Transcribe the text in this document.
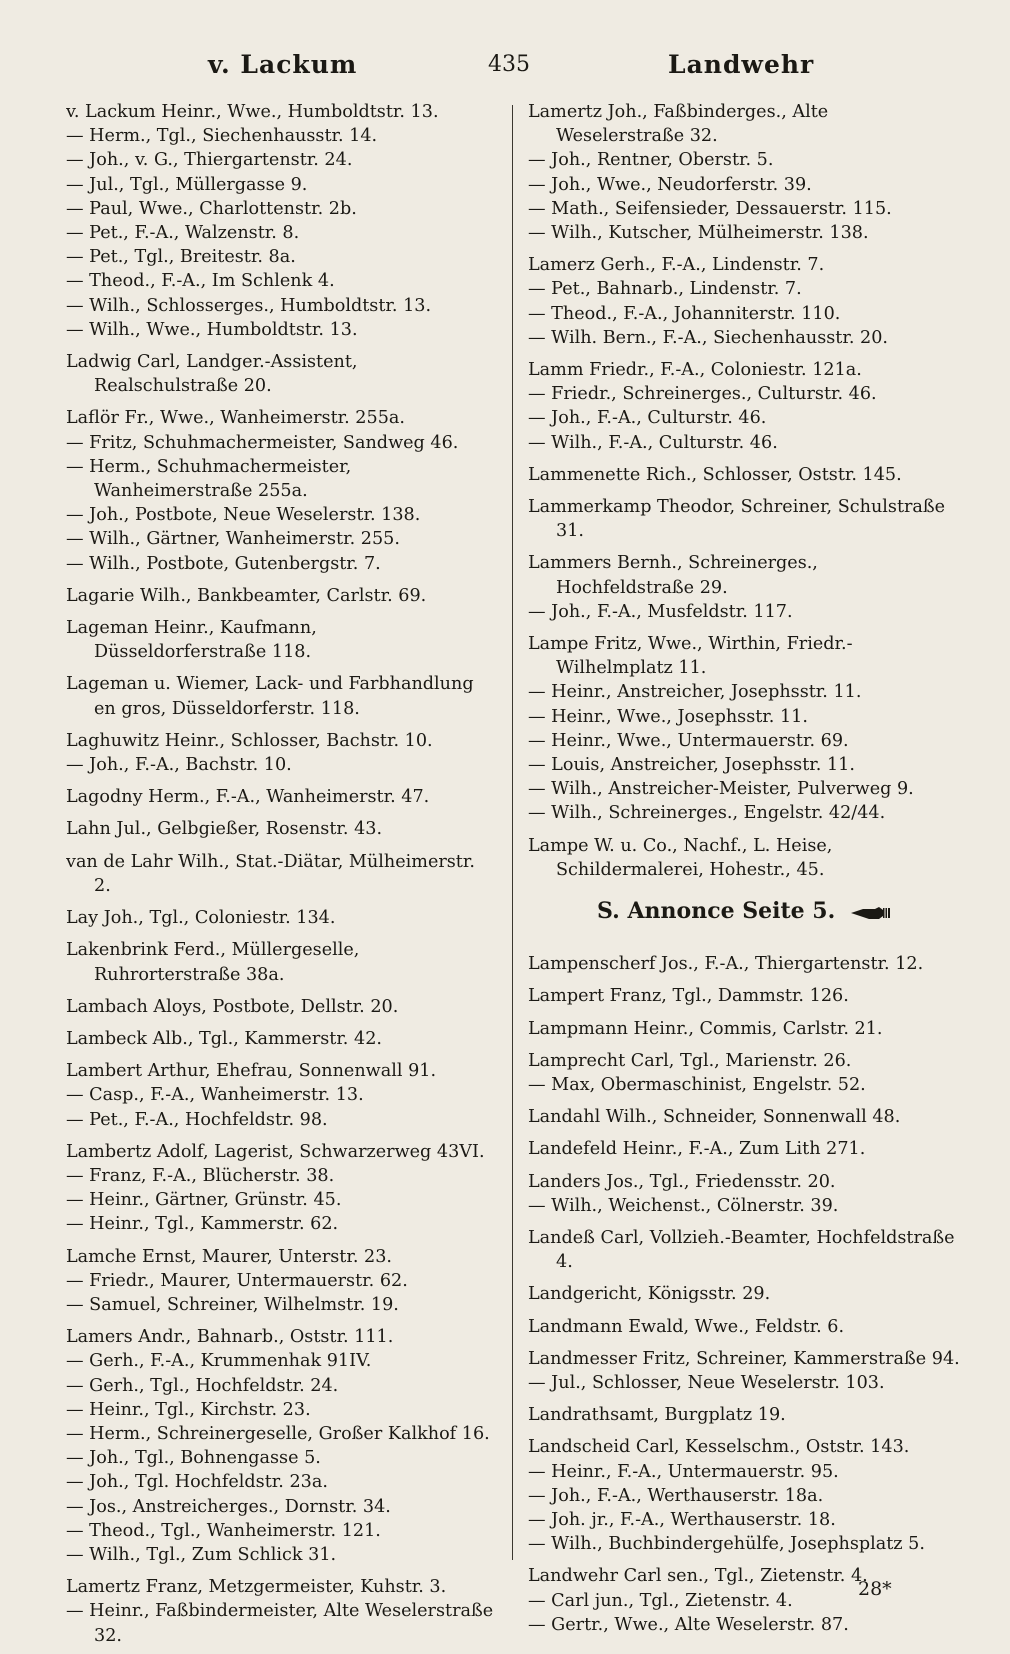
v. Lackum	435	Landwehr
v. Lackum Heinr., Wwe., Humboldtstr. 13.
— Herm., Tgl., Siechenhausstr. 14.
— Joh., v. G., Thiergartenstr. 24.
— Jul., Tgl., Müllergasse 9.
— Paul, Wwe., Charlottenstr. 2b.
— Pet., F.-A., Walzenstr. 8.
— Pet., Tgl., Breitestr. 8a.
— Theod., F.-A., Im Schlenk 4.
— Wilh., Schlosserges., Humboldtstr. 13.
— Wilh., Wwe., Humboldtstr. 13.
Ladwig Carl, Landger.-Assistent, Realschulstraße 20.
Laflör Fr., Wwe., Wanheimerstr. 255a.
— Fritz, Schuhmachermeister, Sandweg 46.
— Herm., Schuhmachermeister, Wanheimerstraße 255a.
— Joh., Postbote, Neue Weselerstr. 138.
— Wilh., Gärtner, Wanheimerstr. 255.
— Wilh., Postbote, Gutenbergstr. 7.
Lagarie Wilh., Bankbeamter, Carlstr. 69.
Lageman Heinr., Kaufmann, Düsseldorferstraße 118.
Lageman u. Wiemer, Lack- und Farbhandlung en gros, Düsseldorferstr. 118.
Laghuwitz Heinr., Schlosser, Bachstr. 10.
— Joh., F.-A., Bachstr. 10.
Lagodny Herm., F.-A., Wanheimerstr. 47.
Lahn Jul., Gelbgießer, Rosenstr. 43.
van de Lahr Wilh., Stat.-Diätar, Mülheimerstr. 2.
Lay Joh., Tgl., Coloniestr. 134.
Lakenbrink Ferd., Müllergeselle, Ruhrorterstraße 38a.
Lambach Aloys, Postbote, Dellstr. 20.
Lambeck Alb., Tgl., Kammerstr. 42.
Lambert Arthur, Ehefrau, Sonnenwall 91.
— Casp., F.-A., Wanheimerstr. 13.
— Pet., F.-A., Hochfeldstr. 98.
Lambertz Adolf, Lagerist, Schwarzerweg 43VI.
— Franz, F.-A., Blücherstr. 38.
— Heinr., Gärtner, Grünstr. 45.
— Heinr., Tgl., Kammerstr. 62.
Lamche Ernst, Maurer, Unterstr. 23.
— Friedr., Maurer, Untermauerstr. 62.
— Samuel, Schreiner, Wilhelmstr. 19.
Lamers Andr., Bahnarb., Oststr. 111.
— Gerh., F.-A., Krummenhak 91IV.
— Gerh., Tgl., Hochfeldstr. 24.
— Heinr., Tgl., Kirchstr. 23.
— Herm., Schreinergeselle, Großer Kalkhof 16.
— Joh., Tgl., Bohnengasse 5.
— Joh., Tgl. Hochfeldstr. 23a.
— Jos., Anstreicherges., Dornstr. 34.
— Theod., Tgl., Wanheimerstr. 121.
— Wilh., Tgl., Zum Schlick 31.
Lamertz Franz, Metzgermeister, Kuhstr. 3.
— Heinr., Faßbindermeister, Alte Weselerstraße 32.
Lamertz Joh., Faßbinderges., Alte Weselerstraße 32.
— Joh., Rentner, Oberstr. 5.
— Joh., Wwe., Neudorferstr. 39.
— Math., Seifensieder, Dessauerstr. 115.
— Wilh., Kutscher, Mülheimerstr. 138.
Lamerz Gerh., F.-A., Lindenstr. 7.
— Pet., Bahnarb., Lindenstr. 7.
— Theod., F.-A., Johanniterstr. 110.
— Wilh. Bern., F.-A., Siechenhausstr. 20.
Lamm Friedr., F.-A., Coloniestr. 121a.
— Friedr., Schreinerges., Culturstr. 46.
— Joh., F.-A., Culturstr. 46.
— Wilh., F.-A., Culturstr. 46.
Lammenette Rich., Schlosser, Oststr. 145.
Lammerkamp Theodor, Schreiner, Schulstraße 31.
Lammers Bernh., Schreinerges., Hochfeldstraße 29.
— Joh., F.-A., Musfeldstr. 117.
Lampe Fritz, Wwe., Wirthin, Friedr.-Wilhelmplatz 11.
— Heinr., Anstreicher, Josephsstr. 11.
— Heinr., Wwe., Josephsstr. 11.
— Heinr., Wwe., Untermauerstr. 69.
— Louis, Anstreicher, Josephsstr. 11.
— Wilh., Anstreicher-Meister, Pulverweg 9.
— Wilh., Schreinerges., Engelstr. 42/44.
Lampe W. u. Co., Nachf., L. Heise, Schildermalerei, Hohestr., 45.
S. Annonce Seite 5.
Lampenscherf Jos., F.-A., Thiergartenstr. 12.
Lampert Franz, Tgl., Dammstr. 126.
Lampmann Heinr., Commis, Carlstr. 21.
Lamprecht Carl, Tgl., Marienstr. 26.
— Max, Obermaschinist, Engelstr. 52.
Landahl Wilh., Schneider, Sonnenwall 48.
Landefeld Heinr., F.-A., Zum Lith 271.
Landers Jos., Tgl., Friedensstr. 20.
— Wilh., Weichenst., Cölnerstr. 39.
Landeß Carl, Vollzieh.-Beamter, Hochfeldstraße 4.
Landgericht, Königsstr. 29.
Landmann Ewald, Wwe., Feldstr. 6.
Landmesser Fritz, Schreiner, Kammerstraße 94.
— Jul., Schlosser, Neue Weselerstr. 103.
Landrathsamt, Burgplatz 19.
Landscheid Carl, Kesselschm., Oststr. 143.
— Heinr., F.-A., Untermauerstr. 95.
— Joh., F.-A., Werthauserstr. 18a.
— Joh. jr., F.-A., Werthauserstr. 18.
— Wilh., Buchbindergehülfe, Josephsplatz 5.
Landwehr Carl sen., Tgl., Zietenstr. 4.
— Carl jun., Tgl., Zietenstr. 4.
— Gertr., Wwe., Alte Weselerstr. 87.
28*
